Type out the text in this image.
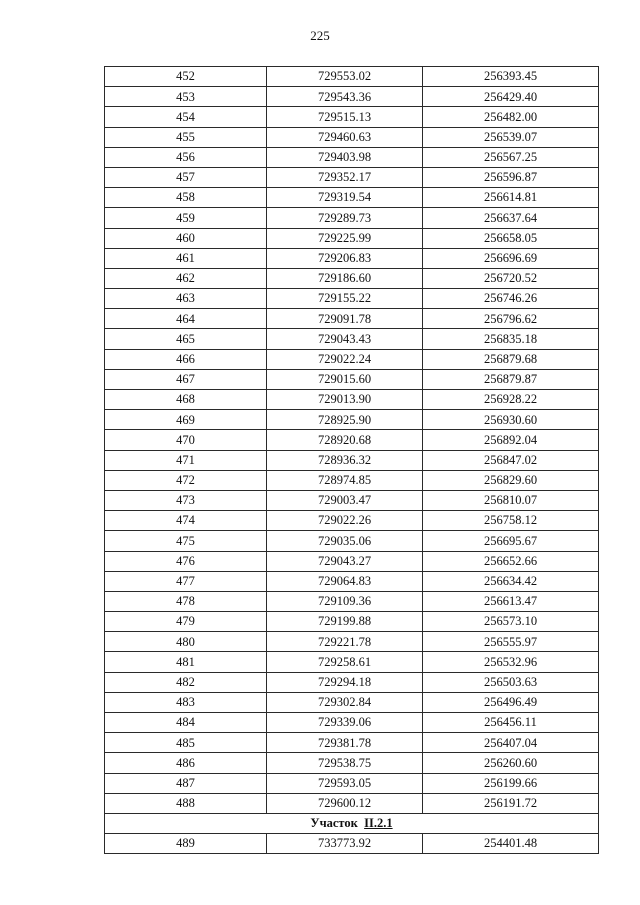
225
452	729553.02	256393.45
453	729543.36	256429.40
454	729515.13	256482.00
455	729460.63	256539.07
456	729403.98	256567.25
457	729352.17	256596.87
458	729319.54	256614.81
459	729289.73	256637.64
460	729225.99	256658.05
461	729206.83	256696.69
462	729186.60	256720.52
463	729155.22	256746.26
464	729091.78	256796.62
465	729043.43	256835.18
466	729022.24	256879.68
467	729015.60	256879.87
468	729013.90	256928.22
469	728925.90	256930.60
470	728920.68	256892.04
471	728936.32	256847.02
472	728974.85	256829.60
473	729003.47	256810.07
474	729022.26	256758.12
475	729035.06	256695.67
476	729043.27	256652.66
477	729064.83	256634.42
478	729109.36	256613.47
479	729199.88	256573.10
480	729221.78	256555.97
481	729258.61	256532.96
482	729294.18	256503.63
483	729302.84	256496.49
484	729339.06	256456.11
485	729381.78	256407.04
486	729538.75	256260.60
487	729593.05	256199.66
488	729600.12	256191.72
Участок II.2.1		
489	733773.92	254401.48
